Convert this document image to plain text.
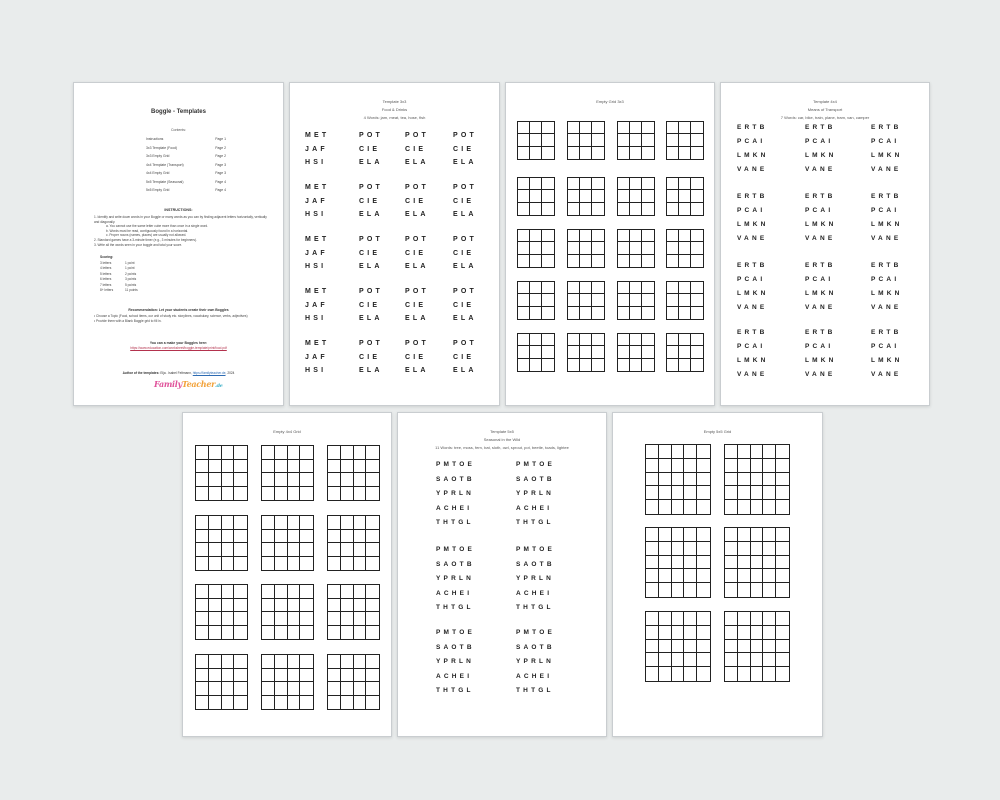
Boggle - Templates
Contents:
Instructions	Page 1
3x3 Template (Food)	Page 2
3x3 Empty Grid	Page 2
4x4 Template (Transport)	Page 3
4x4 Empty Grid	Page 3
5x5 Template (Seasonal)	Page 4
5x5 Empty Grid	Page 4
INSTRUCTIONS:
1. Identify and write down words in your Boggle or many words as you can by finding adjacent letters horizontally, vertically and diagonally.
a. You cannot use the same letter cube more than once in a single word.
b. Words must be read, contiguously found in a horizontal.
c. Proper nouns (names, places) are usually not allowed.
2. Standard games have a 3-minute timer (e.g., 3 minutes for beginners).
3. Write all the words seen in your boggle and total your score.
Scoring:
3 letters	1 point
4 letters	1 point
5 letters	2 points
6 letters	3 points
7 letters	5 points
8+ letters	11 points
Recommendation: Let your students create their own Boggles
• Choose a Topic (Food, school items, our unit of study etc. storylines, vocabulary, science, verbs, adjectives)
• Provide them with a Blank Boggle grid to fill in.
You can a make your Boggles here:
https://www.education.com/worksheet/boggle-template/print/food.pdf
Author of the templates: Eija . Isabel Feltmann, https://familyteacher.de, 2024
FamilyTeacher.de
Template 3x3
Food & Drinks
4 Words: jam, meat, tea, hose, fish
MET
JAF
HSI
POT
CIE
ELA
POT
CIE
ELA
POT
CIE
ELA
MET
JAF
HSI
POT
CIE
ELA
POT
CIE
ELA
POT
CIE
ELA
MET
JAF
HSI
POT
CIE
ELA
POT
CIE
ELA
POT
CIE
ELA
MET
JAF
HSI
POT
CIE
ELA
POT
CIE
ELA
POT
CIE
ELA
MET
JAF
HSI
POT
CIE
ELA
POT
CIE
ELA
POT
CIE
ELA
Empty Grid 3x3	Template 4x4
Means of Transport
7 Words: car, bike, train, plane, tram, van, camper
ERTB
PCAI
LMKN
VANE
ERTB
PCAI
LMKN
VANE
ERTB
PCAI
LMKN
VANE
ERTB
PCAI
LMKN
VANE
ERTB
PCAI
LMKN
VANE
ERTB
PCAI
LMKN
VANE
ERTB
PCAI
LMKN
VANE
ERTB
PCAI
LMKN
VANE
ERTB
PCAI
LMKN
VANE
ERTB
PCAI
LMKN
VANE
ERTB
PCAI
LMKN
VANE
ERTB
PCAI
LMKN
VANE
Empty 4x4 Grid	Template 5x5
Seasonal in the Wild
11 Words: tree, moss, fern, bat, sloth, owl, sprout, pot, beetle, toads, lightee
PMTOE
SAOTB
YPRLN
ACHEI
THTGL
PMTOE
SAOTB
YPRLN
ACHEI
THTGL
PMTOE
SAOTB
YPRLN
ACHEI
THTGL
PMTOE
SAOTB
YPRLN
ACHEI
THTGL
PMTOE
SAOTB
YPRLN
ACHEI
THTGL
PMTOE
SAOTB
YPRLN
ACHEI
THTGL
Empty 5x5 Grid
